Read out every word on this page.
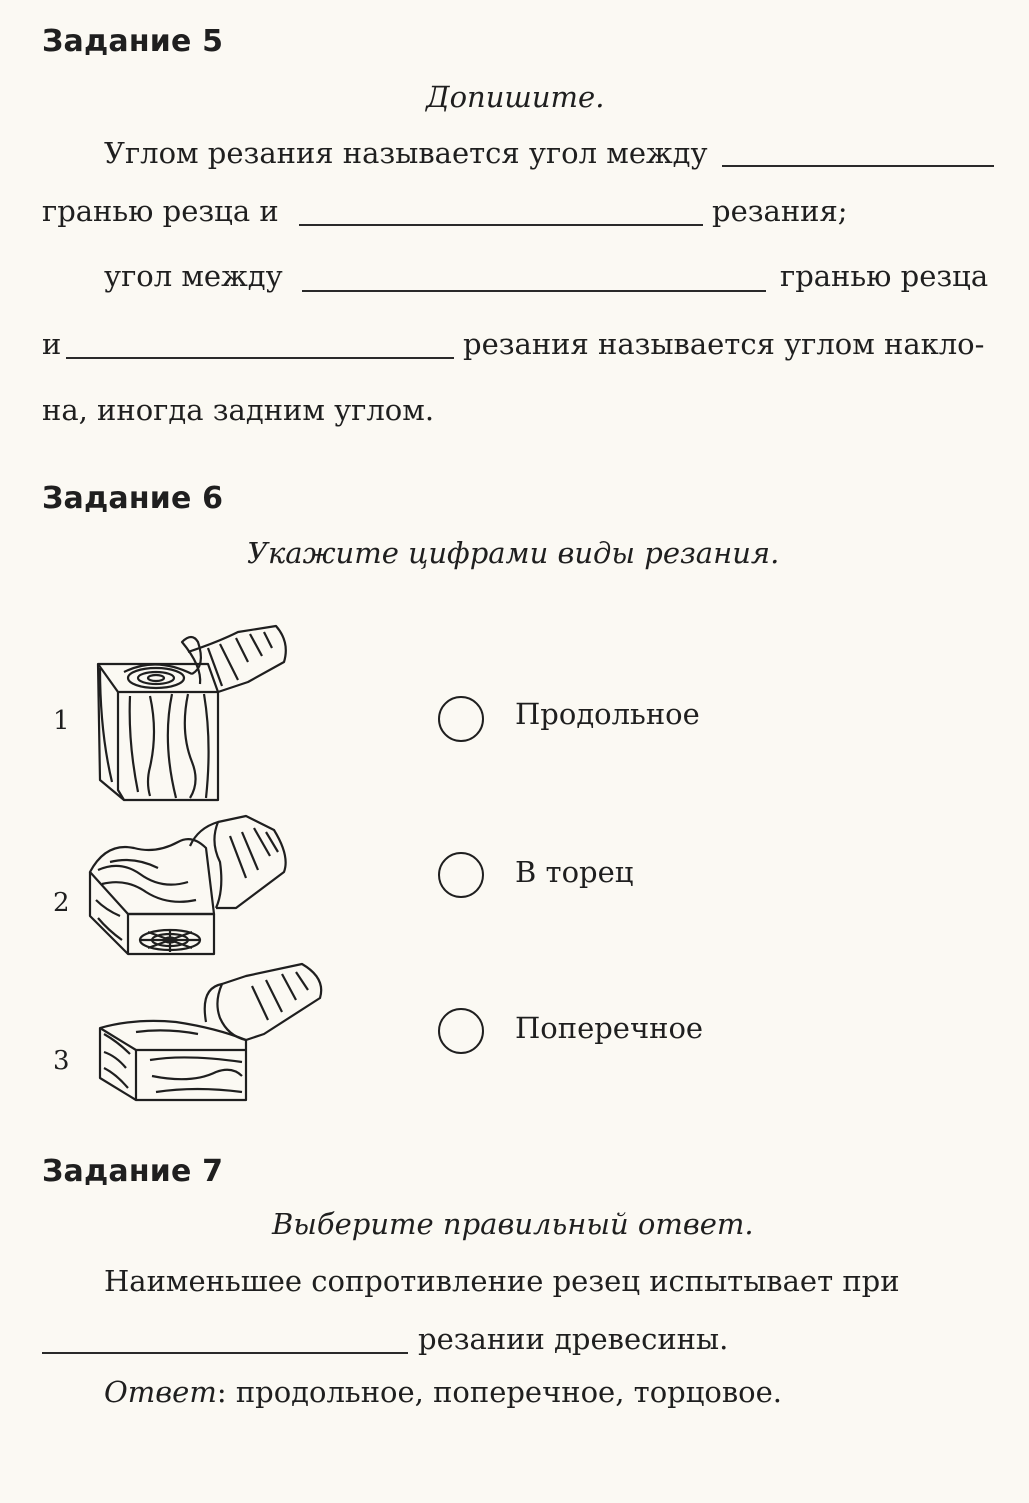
Задание 5
Допишите.
Углом резания называется угол между
гранью резца и	резания;
угол между	гранью резца
и	резания называется углом накло-
на, иногда задним углом.
Задание 6
Укажите цифрами виды резания.
1
2
3
Продольное
В торец
Поперечное
Задание 7
Выберите правильный ответ.
Наименьшее сопротивление резец испытывает при
резании древесины.
Ответ: продольное, поперечное, торцовое.
